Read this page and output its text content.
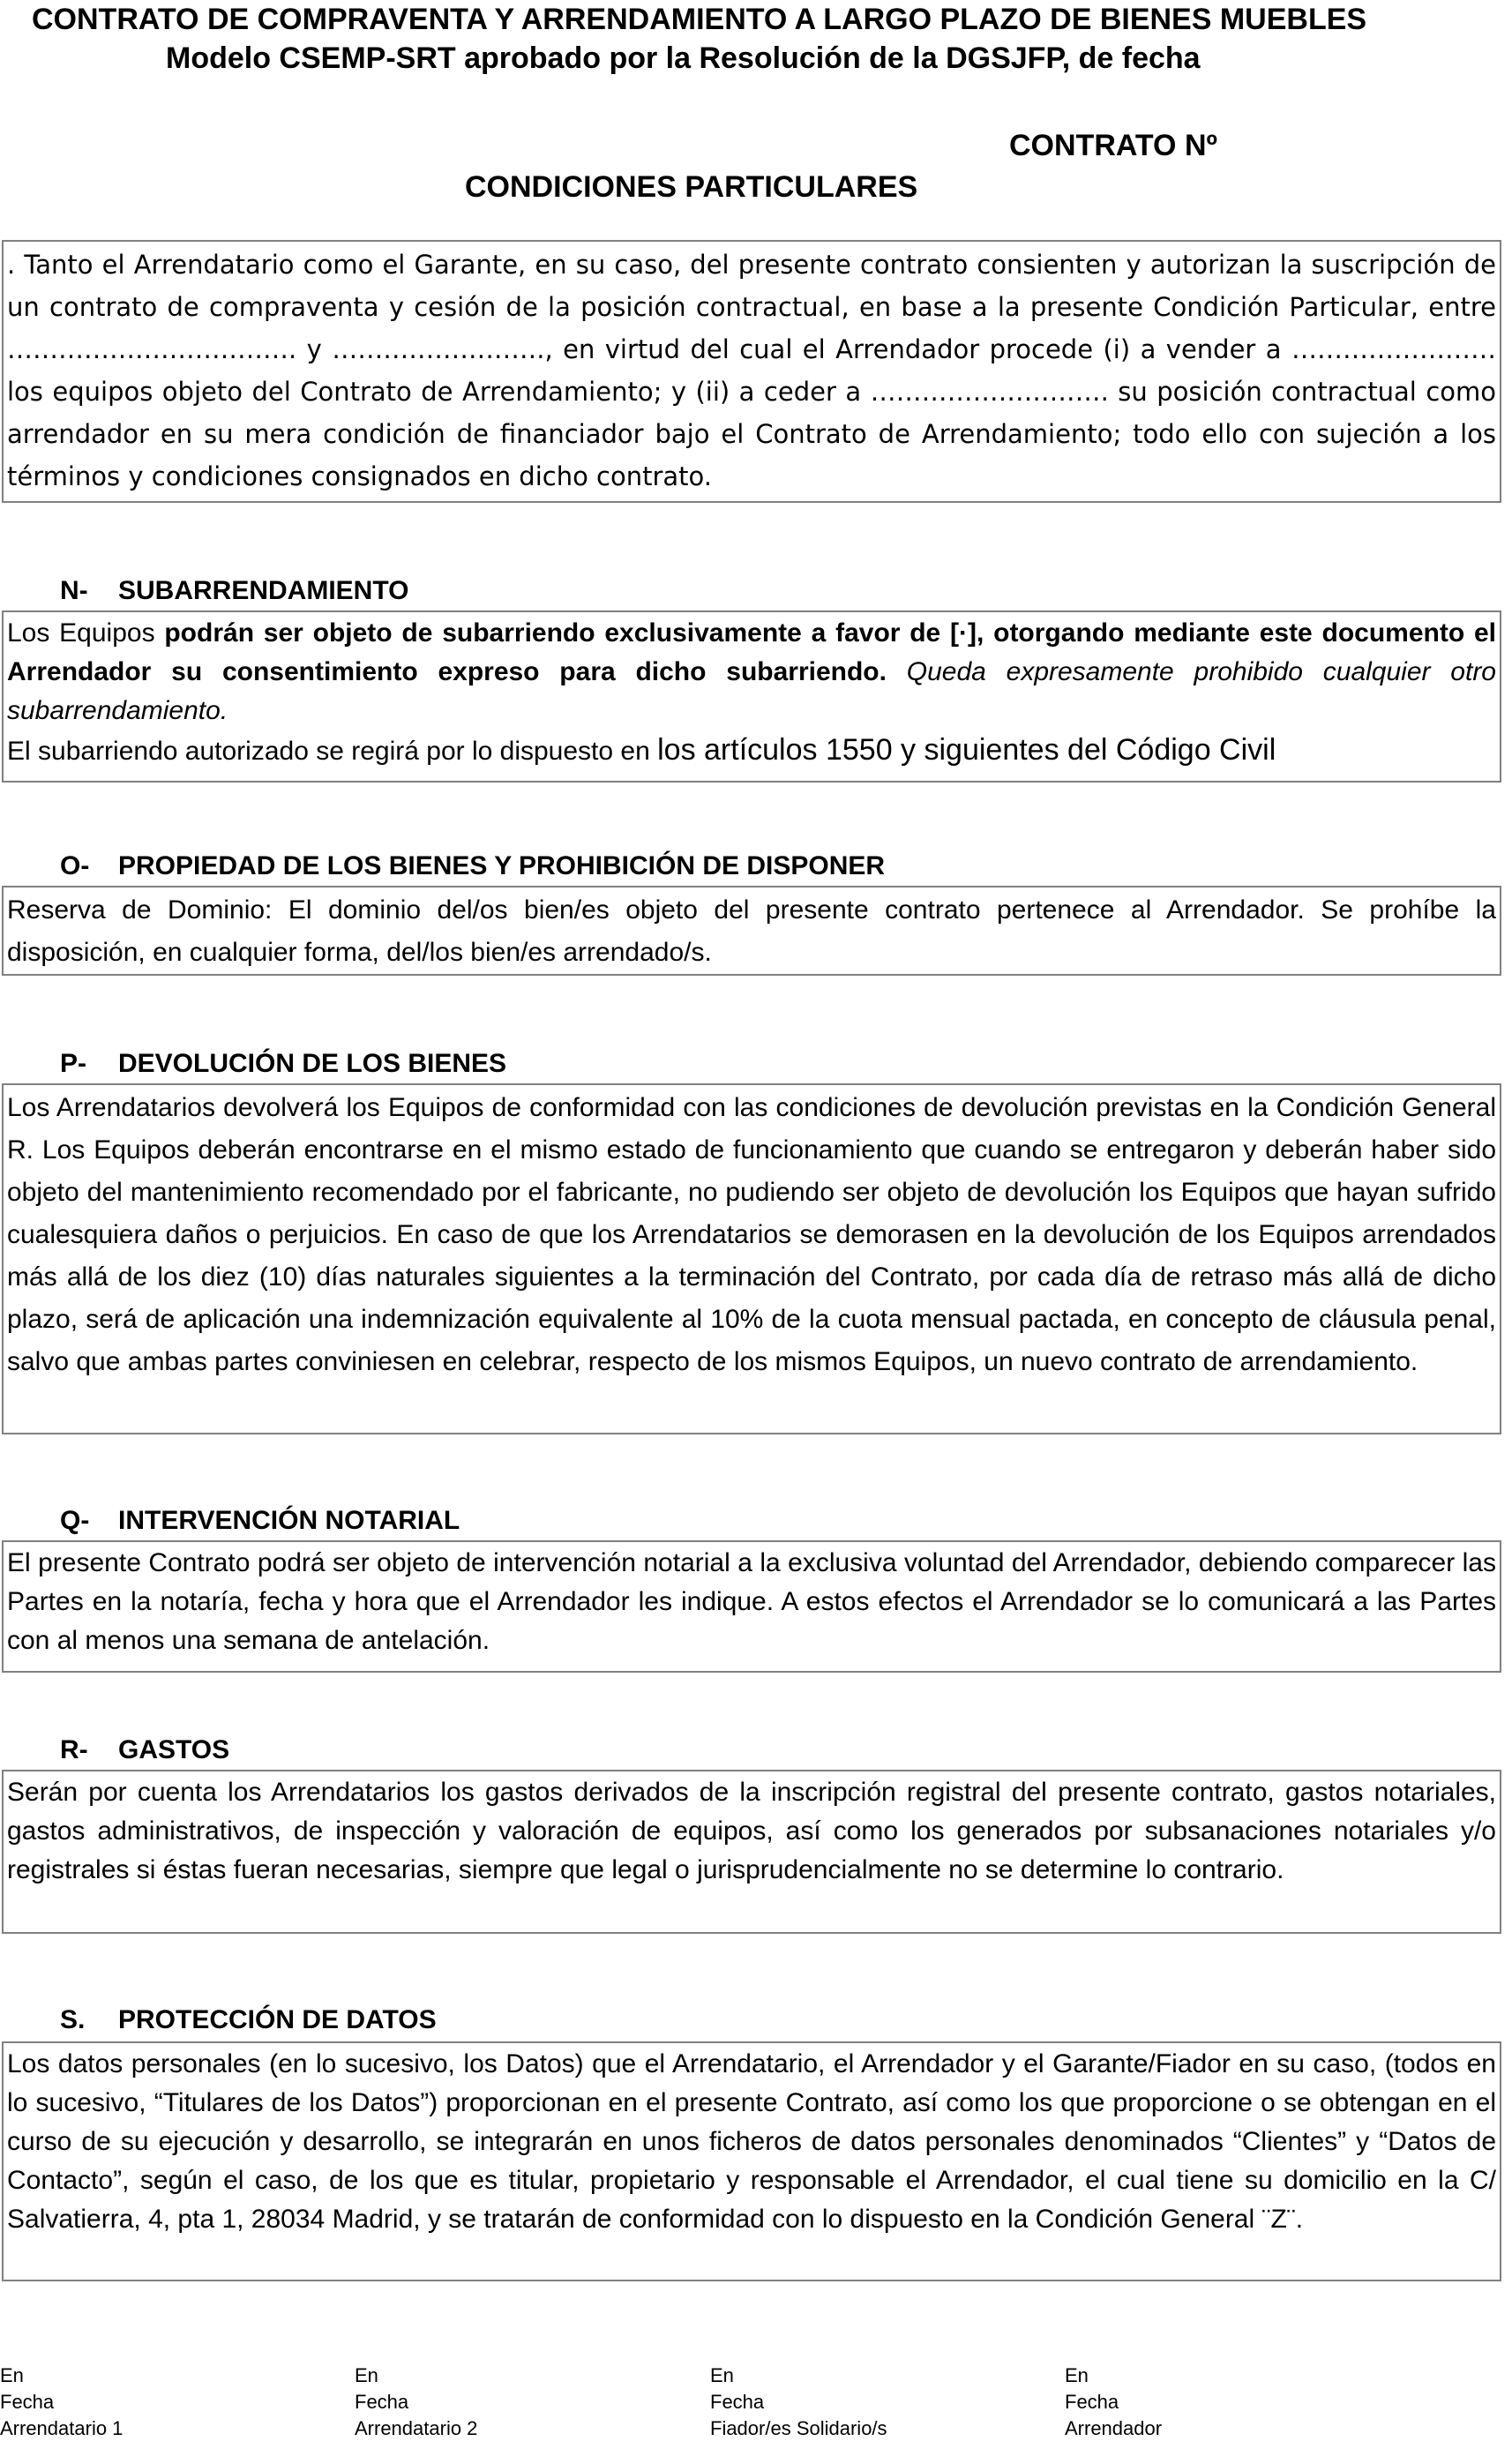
CONTRATO DE COMPRAVENTA Y ARRENDAMIENTO A LARGO PLAZO DE BIENES MUEBLES
Modelo CSEMP-SRT aprobado por la Resolución de la DGSJFP, de fecha
CONTRATO Nº
CONDICIONES PARTICULARES
. Tanto el Arrendatario como el Garante, en su caso, del presente contrato consienten y autorizan la suscripción de un contrato de compraventa y cesión de la posición contractual, en base a la presente Condición Particular, entre ……………………………. y ……………………., en virtud del cual el Arrendador procede (i) a vender a …………………… los equipos objeto del Contrato de Arrendamiento; y (ii) a ceder a ………………………. su posición contractual como arrendador en su mera condición de financiador bajo el Contrato de Arrendamiento; todo ello con sujeción a los términos y condiciones consignados en dicho contrato.
N- SUBARRENDAMIENTO
Los Equipos podrán ser objeto de subarriendo exclusivamente a favor de [·], otorgando mediante este documento el Arrendador su consentimiento expreso para dicho subarriendo. Queda expresamente prohibido cualquier otro subarrendamiento.
El subarriendo autorizado se regirá por lo dispuesto en los artículos 1550 y siguientes del Código Civil
O- PROPIEDAD DE LOS BIENES Y PROHIBICIÓN DE DISPONER
Reserva de Dominio: El dominio del/os bien/es objeto del presente contrato pertenece al Arrendador. Se prohíbe la disposición, en cualquier forma, del/los bien/es arrendado/s.
P- DEVOLUCIÓN DE LOS BIENES
Los Arrendatarios devolverá los Equipos de conformidad con las condiciones de devolución previstas en la Condición General R. Los Equipos deberán encontrarse en el mismo estado de funcionamiento que cuando se entregaron y deberán haber sido objeto del mantenimiento recomendado por el fabricante, no pudiendo ser objeto de devolución los Equipos que hayan sufrido cualesquiera daños o perjuicios. En caso de que los Arrendatarios se demorasen en la devolución de los Equipos arrendados más allá de los diez (10) días naturales siguientes a la terminación del Contrato, por cada día de retraso más allá de dicho plazo, será de aplicación una indemnización equivalente al 10% de la cuota mensual pactada, en concepto de cláusula penal, salvo que ambas partes conviniesen en celebrar, respecto de los mismos Equipos, un nuevo contrato de arrendamiento.
Q- INTERVENCIÓN NOTARIAL
El presente Contrato podrá ser objeto de intervención notarial a la exclusiva voluntad del Arrendador, debiendo comparecer las Partes en la notaría, fecha y hora que el Arrendador les indique. A estos efectos el Arrendador se lo comunicará a las Partes con al menos una semana de antelación.
R- GASTOS
Serán por cuenta los Arrendatarios los gastos derivados de la inscripción registral del presente contrato, gastos notariales, gastos administrativos, de inspección y valoración de equipos, así como los generados por subsanaciones notariales y/o registrales si éstas fueran necesarias, siempre que legal o jurisprudencialmente no se determine lo contrario.
S. PROTECCIÓN DE DATOS
Los datos personales (en lo sucesivo, los Datos) que el Arrendatario, el Arrendador y el Garante/Fiador en su caso, (todos en lo sucesivo, “Titulares de los Datos”) proporcionan en el presente Contrato, así como los que proporcione o se obtengan en el curso de su ejecución y desarrollo, se integrarán en unos ficheros de datos personales denominados “Clientes” y “Datos de Contacto”, según el caso, de los que es titular, propietario y responsable el Arrendador, el cual tiene su domicilio en la C/ Salvatierra, 4, pta 1, 28034 Madrid, y se tratarán de conformidad con lo dispuesto en la Condición General ¨Z¨.
En
Fecha
Arrendatario 1
En
Fecha
Arrendatario 2
En
Fecha
Fiador/es Solidario/s
En
Fecha
Arrendador
